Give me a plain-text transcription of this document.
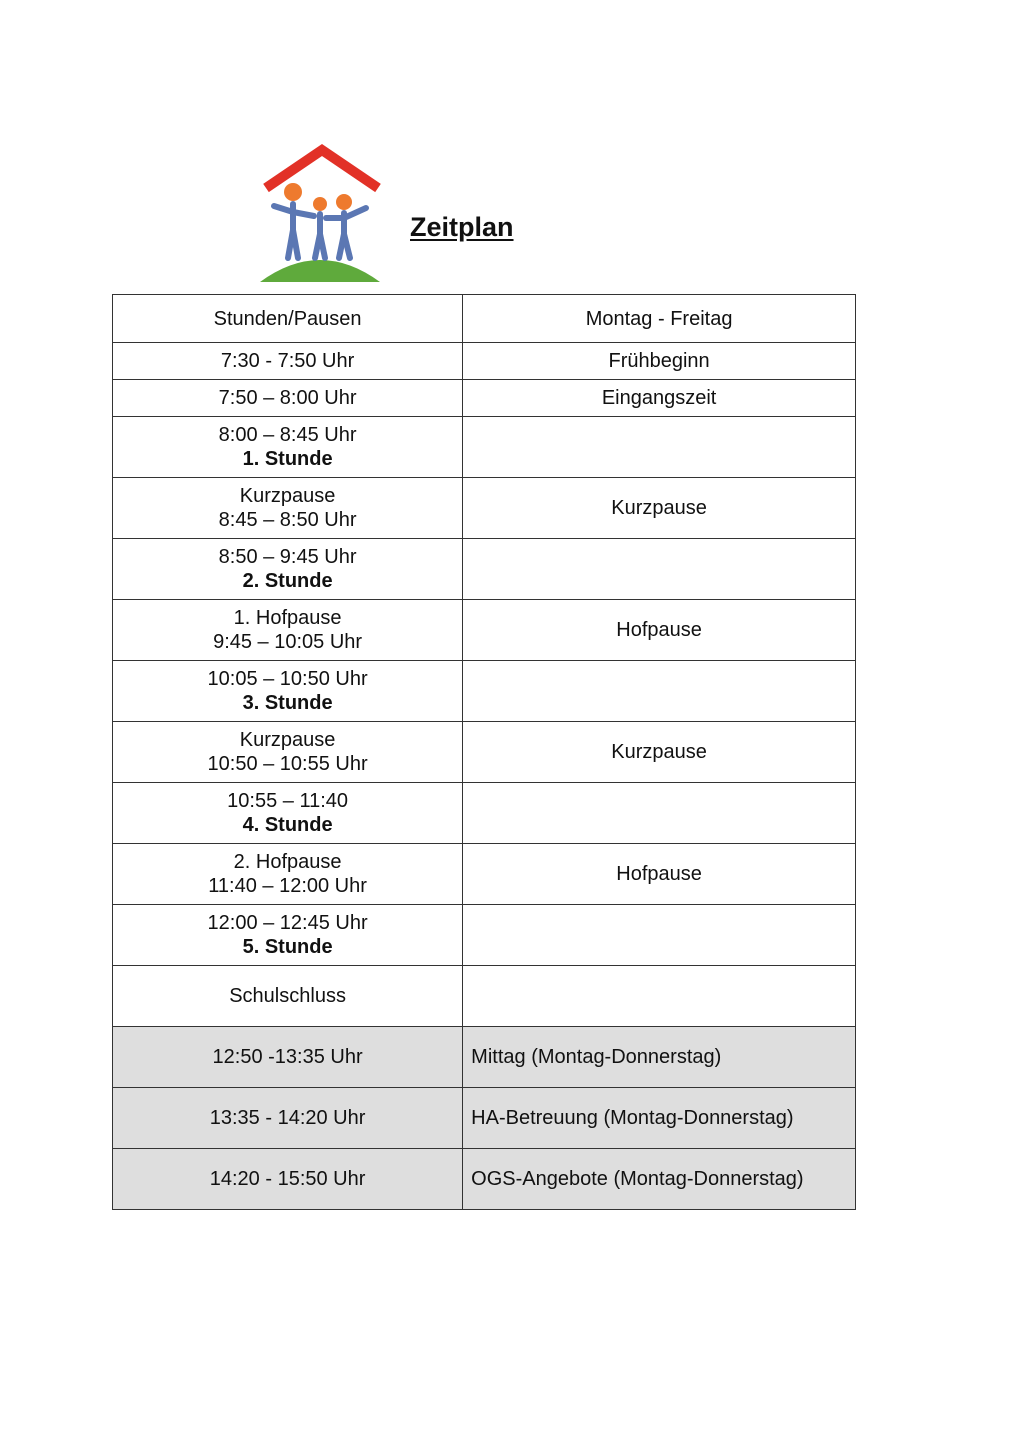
Zeitplan
Stunden/Pausen	Montag - Freitag

7:30 - 7:50 Uhr	Frühbeginn

7:50 – 8:00 Uhr	Eingangszeit

8:00 – 8:45 Uhr
1. Stunde	

Kurzpause
8:45 – 8:50 Uhr	Kurzpause

8:50 – 9:45 Uhr
2. Stunde	

1. Hofpause
9:45 – 10:05 Uhr	Hofpause

10:05 – 10:50 Uhr
3. Stunde	

Kurzpause
10:50 – 10:55 Uhr	Kurzpause

10:55 – 11:40
4. Stunde	

2. Hofpause
11:40 – 12:00 Uhr	Hofpause

12:00 – 12:45 Uhr
5. Stunde	

Schulschluss	

12:50 -13:35 Uhr	Mittag (Montag-Donnerstag)
13:35 - 14:20 Uhr	HA-Betreuung (Montag-Donnerstag)
14:20 - 15:50 Uhr	OGS-Angebote (Montag-Donnerstag)
